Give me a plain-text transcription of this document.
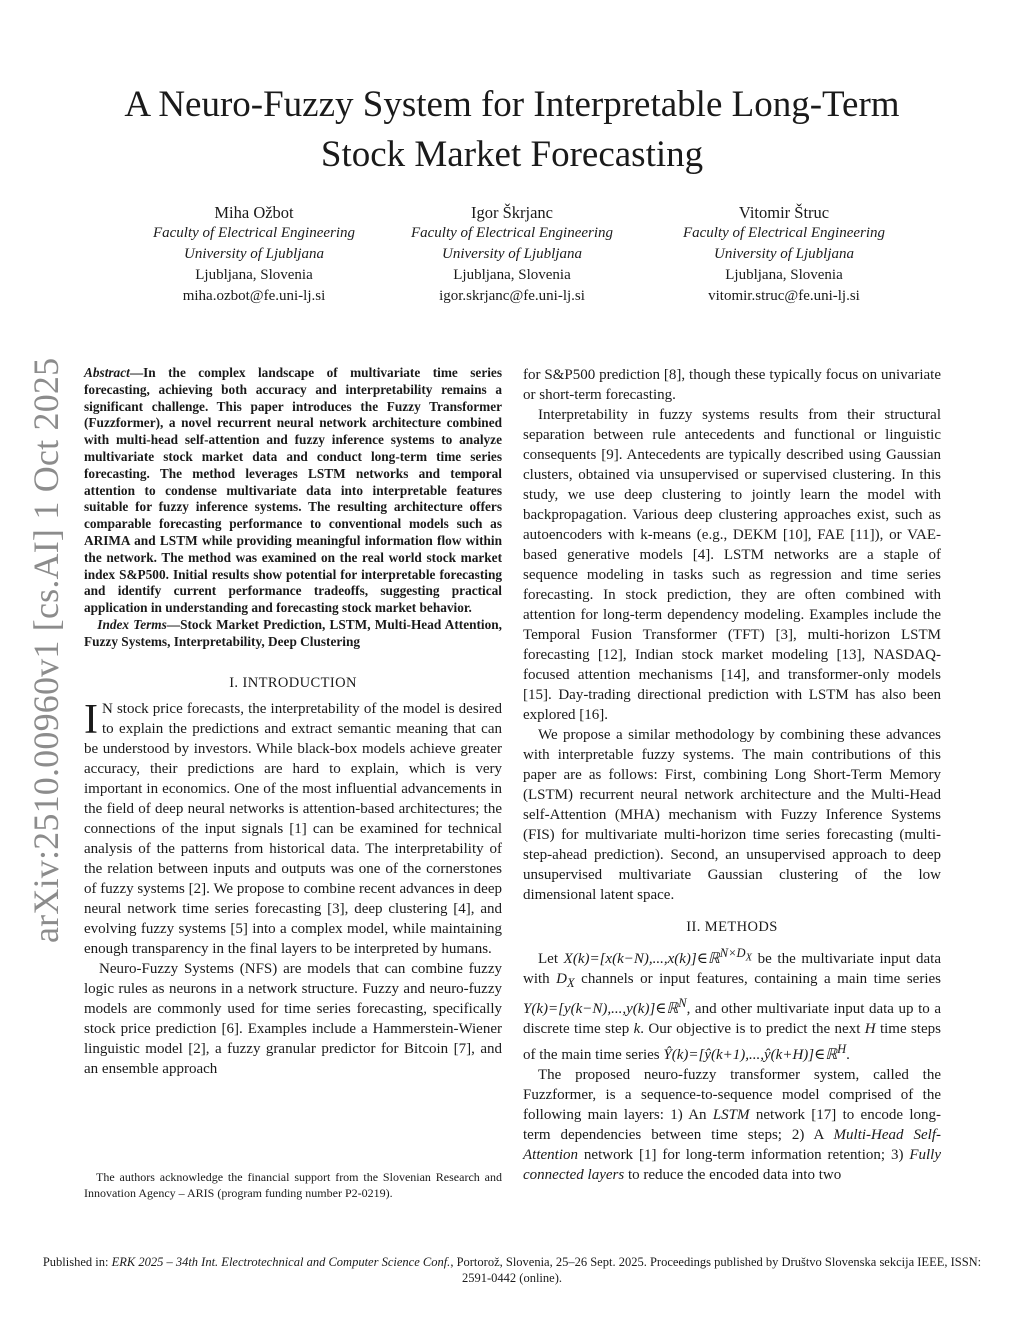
A Neuro-Fuzzy System for Interpretable Long-Term
Stock Market Forecasting
Miha Ožbot
Faculty of Electrical Engineering
University of Ljubljana
Ljubljana, Slovenia
miha.ozbot@fe.uni-lj.si
Igor Škrjanc
Faculty of Electrical Engineering
University of Ljubljana
Ljubljana, Slovenia
igor.skrjanc@fe.uni-lj.si
Vitomir Štruc
Faculty of Electrical Engineering
University of Ljubljana
Ljubljana, Slovenia
vitomir.struc@fe.uni-lj.si
arXiv:2510.00960v1 [cs.AI] 1 Oct 2025 Abstract—In the complex landscape of multivariate time series forecasting, achieving both accuracy and interpretability remains a significant challenge. This paper introduces the Fuzzy Transformer (Fuzzformer), a novel recurrent neural network architecture combined with multi-head self-attention and fuzzy inference systems to analyze multivariate stock market data and conduct long-term time series forecasting. The method leverages LSTM networks and temporal attention to condense multivariate data into interpretable features suitable for fuzzy inference systems. The resulting architecture offers comparable forecasting performance to conventional models such as ARIMA and LSTM while providing meaningful information flow within the network. The method was examined on the real world stock market index S&P500. Initial results show potential for interpretable forecasting and identify current performance tradeoffs, suggesting practical application in understanding and forecasting stock market behavior.

Index Terms—Stock Market Prediction, LSTM, Multi-Head Attention, Fuzzy Systems, Interpretability, Deep Clustering

I. INTRODUCTION

I N stock price forecasts, the interpretability of the model is desired to explain the predictions and extract semantic meaning that can be understood by investors. While black-box models achieve greater accuracy, their predictions are hard to explain, which is very important in economics. One of the most influential advancements in the field of deep neural networks is attention-based architectures; the connections of the input signals [1] can be examined for technical analysis of the patterns from historical data. The interpretability of the relation between inputs and outputs was one of the cornerstones of fuzzy systems [2]. We propose to combine recent advances in deep neural network time series forecasting [3], deep clustering [4], and evolving fuzzy systems [5] into a complex model, while maintaining enough transparency in the final layers to be interpreted by humans.

Neuro-Fuzzy Systems (NFS) are models that can combine fuzzy logic rules as neurons in a network structure. Fuzzy and neuro-fuzzy models are commonly used for time series forecasting, specifically stock price prediction [6]. Examples include a Hammerstein-Wiener linguistic model [2], a fuzzy granular predictor for Bitcoin [7], and an ensemble approach

The authors acknowledge the financial support from the Slovenian Research and Innovation Agency – ARIS (program funding number P2-0219).

for S&P500 prediction [8], though these typically focus on univariate or short-term forecasting.

Interpretability in fuzzy systems results from their structural separation between rule antecedents and functional or linguistic consequents [9]. Antecedents are typically described using Gaussian clusters, obtained via unsupervised or supervised clustering. In this study, we use deep clustering to jointly learn the model with backpropagation. Various deep clustering approaches exist, such as autoencoders with k-means (e.g., DEKM [10], FAE [11]), or VAE-based generative models [4]. LSTM networks are a staple of sequence modeling in tasks such as regression and time series forecasting. In stock prediction, they are often combined with attention for long-term dependency modeling. Examples include the Temporal Fusion Transformer (TFT) [3], multi-horizon LSTM forecasting [12], Indian stock market modeling [13], NASDAQ-focused attention mechanisms [14], and transformer-only models [15]. Day-trading directional prediction with LSTM has also been explored [16].

We propose a similar methodology by combining these advances with interpretable fuzzy systems. The main contributions of this paper are as follows: First, combining Long Short-Term Memory (LSTM) recurrent neural network architecture and the Multi-Head self-Attention (MHA) mechanism with Fuzzy Inference Systems (FIS) for multivariate multi-horizon time series forecasting (multi-step-ahead prediction). Second, an unsupervised approach to deep unsupervised multivariate Gaussian clustering of the low dimensional latent space.

II. METHODS

Let X(k)=[x(k−N),...,x(k)]∈ℝ$^{N\times D_X}$ be the multivariate input data with $D_X$ channels or input features, containing a main time series Y(k)=[y(k−N),...,y(k)]∈ℝ$^N$, and other multivariate input data up to a discrete time step k. Our objective is to predict the next H time steps of the main time series Ŷ(k)=[ŷ(k+1),...,ŷ(k+H)]∈ℝ$^H$.

The proposed neuro-fuzzy transformer system, called the Fuzzformer, is a sequence-to-sequence model comprised of the following main layers: 1) An LSTM network [17] to encode long-term dependencies between time steps; 2) A Multi-Head Self-Attention network [1] for long-term information retention; 3) Fully connected layers to reduce the encoded data into two

Published in: ERK 2025 – 34th Int. Electrotechnical and Computer Science Conf., Portorož, Slovenia, 25–26 Sept. 2025. Proceedings published by Društvo Slovenska sekcija IEEE, ISSN: 2591-0442 (online).
